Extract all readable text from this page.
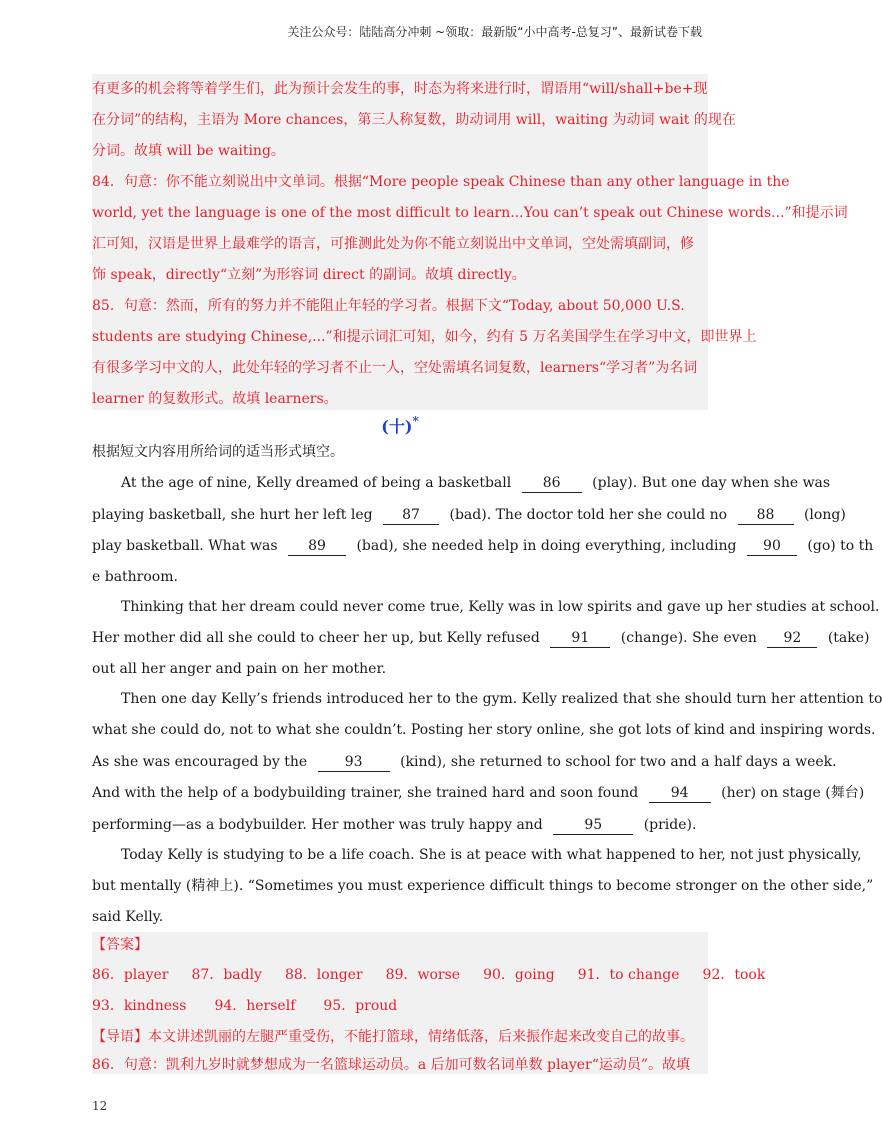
关注公众号：陆陆高分冲刺 ~领取：最新版“小中高考-总复习”、最新试卷下载
有更多的机会将等着学生们，此为预计会发生的事，时态为将来进行时，谓语用“will/shall+be+现
在分词”的结构，主语为 More chances，第三人称复数，助动词用 will，waiting 为动词 wait 的现在
分词。故填 will be waiting。
84．句意：你不能立刻说出中文单词。根据“More people speak Chinese than any other language in the
world, yet the language is one of the most difficult to learn...You can’t speak out Chinese words...”和提示词
汇可知，汉语是世界上最难学的语言，可推测此处为你不能立刻说出中文单词，空处需填副词，修
饰 speak，directly“立刻”为形容词 direct 的副词。故填 directly。
85．句意：然而，所有的努力并不能阻止年轻的学习者。根据下文“Today, about 50,000 U.S.
students are studying Chinese,...”和提示词汇可知，如今，约有 5 万名美国学生在学习中文，即世界上
有很多学习中文的人，此处年轻的学习者不止一人，空处需填名词复数，learners“学习者”为名词
learner 的复数形式。故填 learners。
(十)*
根据短文内容用所给词的适当形式填空。
At the age of nine, Kelly dreamed of being a basketball 86 (play). But one day when she was
playing basketball, she hurt her left leg 87 (bad). The doctor told her she could no 88 (long)
play basketball. What was 89 (bad), she needed help in doing everything, including 90 (go) to th
e bathroom.
Thinking that her dream could never come true, Kelly was in low spirits and gave up her studies at school.
Her mother did all she could to cheer her up, but Kelly refused 91 (change). She even 92 (take)
out all her anger and pain on her mother.
Then one day Kelly’s friends introduced her to the gym. Kelly realized that she should turn her attention to
what she could do, not to what she couldn’t. Posting her story online, she got lots of kind and inspiring words.
As she was encouraged by the	93	(kind), she returned to school for two and a half days a week.
And with the help of a bodybuilding trainer, she trained hard and soon found 94 (her) on stage (舞台)
performing—as a bodybuilder. Her mother was truly happy and	95	(pride).
Today Kelly is studying to be a life coach. She is at peace with what happened to her, not just physically,
but mentally (精神上). “Sometimes you must experience difficult things to become stronger on the other side,”
said Kelly.
【答案】
86．player 87．badly 88．longer 89．worse 90．going 91．to change 92．took
93．kindness 94．herself 95．proud
【导语】本文讲述凯丽的左腿严重受伤，不能打篮球，情绪低落，后来振作起来改变自己的故事。
86．句意：凯利九岁时就梦想成为一名篮球运动员。a 后加可数名词单数 player“运动员”。故填
12
